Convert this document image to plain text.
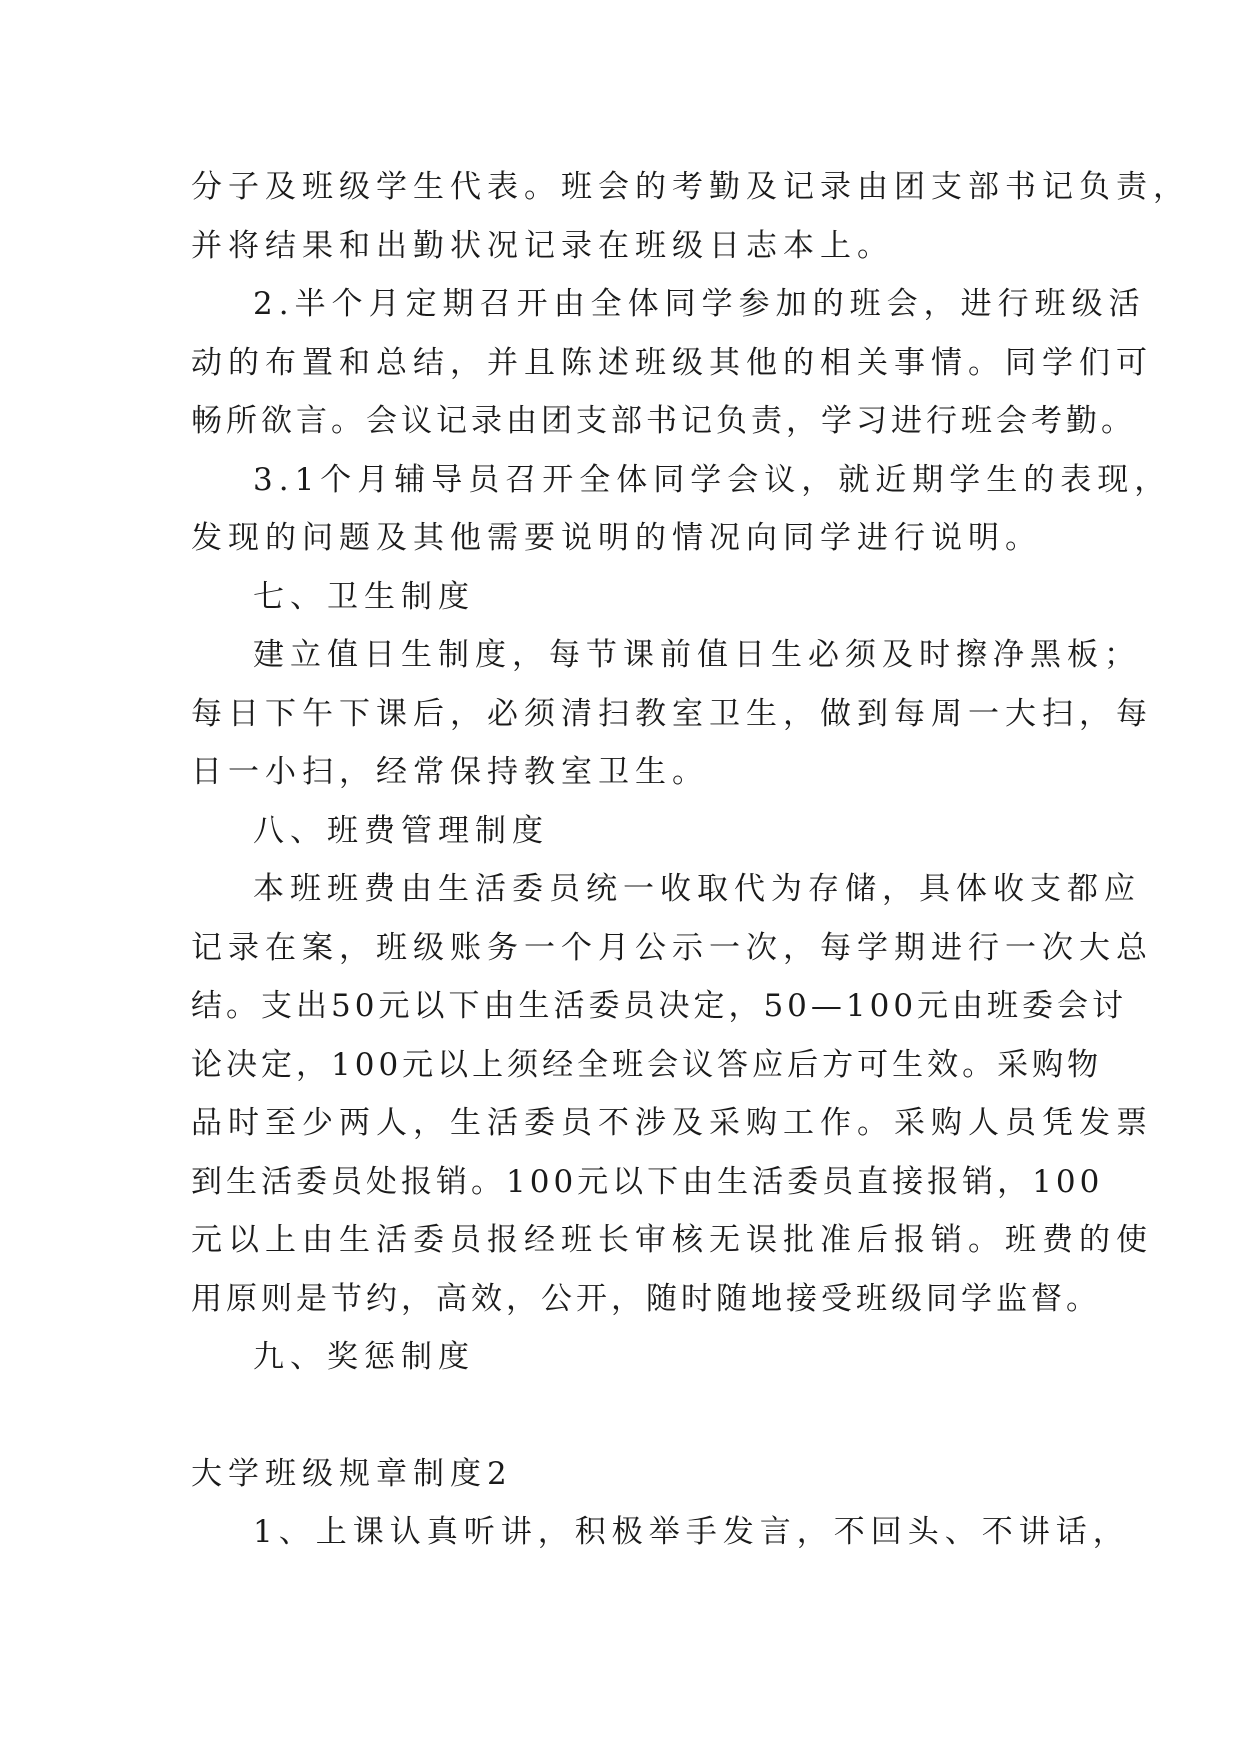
分子及班级学生代表。班会的考勤及记录由团支部书记负责，
并将结果和出勤状况记录在班级日志本上。
2.半个月定期召开由全体同学参加的班会，进行班级活
动的布置和总结，并且陈述班级其他的相关事情。同学们可
畅所欲言。会议记录由团支部书记负责，学习进行班会考勤。
3.1个月辅导员召开全体同学会议，就近期学生的表现，
发现的问题及其他需要说明的情况向同学进行说明。
七、卫生制度
建立值日生制度，每节课前值日生必须及时擦净黑板；
每日下午下课后，必须清扫教室卫生，做到每周一大扫，每
日一小扫，经常保持教室卫生。
八、班费管理制度
本班班费由生活委员统一收取代为存储，具体收支都应
记录在案，班级账务一个月公示一次，每学期进行一次大总
结。支出50元以下由生活委员决定，50—100元由班委会讨
论决定，100元以上须经全班会议答应后方可生效。采购物
品时至少两人，生活委员不涉及采购工作。采购人员凭发票
到生活委员处报销。100元以下由生活委员直接报销，100
元以上由生活委员报经班长审核无误批准后报销。班费的使
用原则是节约，高效，公开，随时随地接受班级同学监督。
九、奖惩制度
大学班级规章制度2
1、上课认真听讲，积极举手发言，不回头、不讲话，
